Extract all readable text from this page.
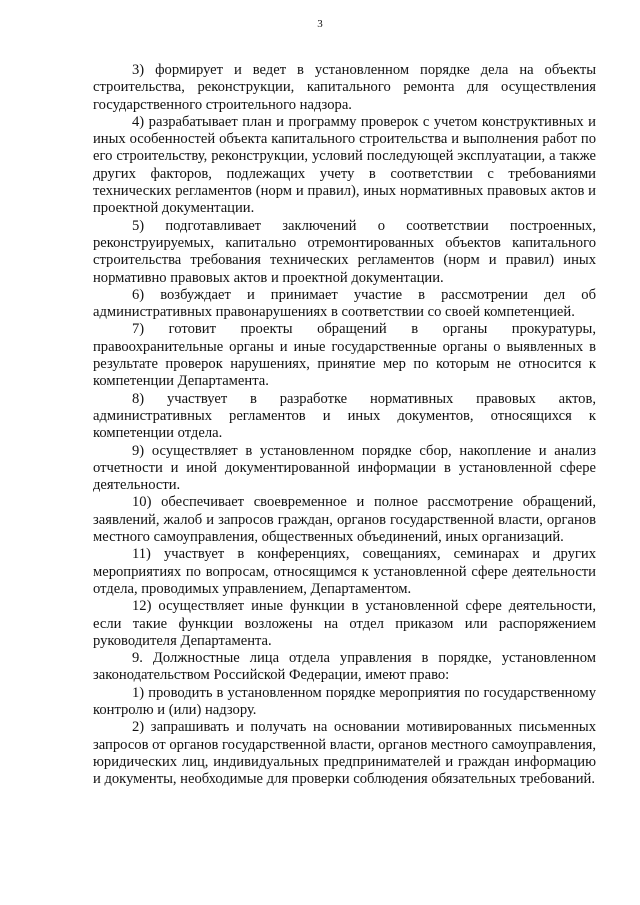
3

3) формирует и ведет в установленном порядке дела на объекты строительства, реконструкции, капитального ремонта для осуществления государственного строительного надзора.

4) разрабатывает план и программу проверок с учетом конструктивных и иных особенностей объекта капитального строительства и выполнения работ по его строительству, реконструкции, условий последующей эксплуатации, а также других факторов, подлежащих учету в соответствии с требованиями технических регламентов (норм и правил), иных нормативных правовых актов и проектной документации.

5) подготавливает заключений о соответствии построенных, реконструируемых, капитально отремонтированных объектов капитального строительства требования технических регламентов (норм и правил) иных нормативно правовых актов и проектной документации.

6) возбуждает и принимает участие в рассмотрении дел об административных правонарушениях в соответствии со своей компетенцией.

7) готовит проекты обращений в органы прокуратуры, правоохранительные органы и иные государственные органы о выявленных в результате проверок нарушениях, принятие мер по которым не относится к компетенции Департамента.

8) участвует в разработке нормативных правовых актов, административных регламентов и иных документов, относящихся к компетенции отдела.

9) осуществляет в установленном порядке сбор, накопление и анализ отчетности и иной документированной информации в установленной сфере деятельности.

10) обеспечивает своевременное и полное рассмотрение обращений, заявлений, жалоб и запросов граждан, органов государственной власти, органов местного самоуправления, общественных объединений, иных организаций.

11) участвует в конференциях, совещаниях, семинарах и других мероприятиях по вопросам, относящимся к установленной сфере деятельности отдела, проводимых управлением, Департаментом.

12) осуществляет иные функции в установленной сфере деятельности, если такие функции возложены на отдел приказом или распоряжением руководителя Департамента.

9. Должностные лица отдела управления в порядке, установленном законодательством Российской Федерации, имеют право:

1) проводить в установленном порядке мероприятия по государственному контролю и (или) надзору.

2) запрашивать и получать на основании мотивированных письменных запросов от органов государственной власти, органов местного самоуправления, юридических лиц, индивидуальных предпринимателей и граждан информацию и документы, необходимые для проверки соблюдения обязательных требований.
